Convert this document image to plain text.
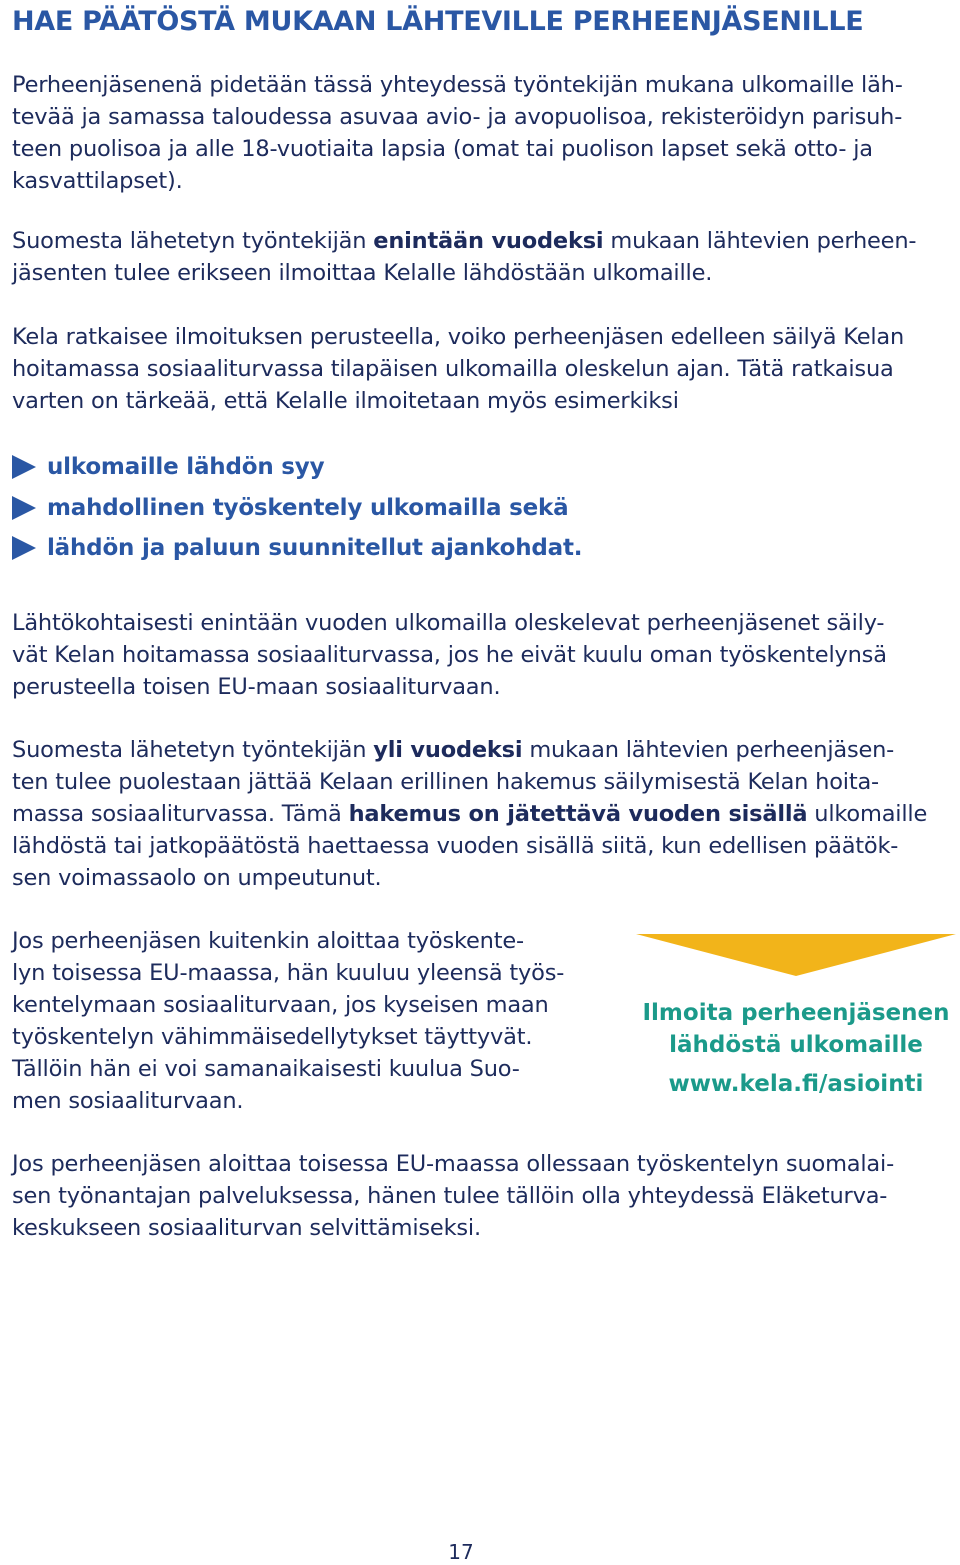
HAE PÄÄTÖSTÄ MUKAAN LÄHTEVILLE PERHEENJÄSENILLE

Perheenjäsenenä pidetään tässä yhteydessä työntekijän mukana ulkomaille läh-
tevää ja samassa taloudessa asuvaa avio- ja avopuolisoa, rekisteröidyn parisuh-
teen puolisoa ja alle 18-vuotiaita lapsia (omat tai puolison lapset sekä otto- ja
kasvattilapset).

Suomesta lähetetyn työntekijän enintään vuodeksi mukaan lähtevien perheen-
jäsenten tulee erikseen ilmoittaa Kelalle lähdöstään ulkomaille.

Kela ratkaisee ilmoituksen perusteella, voiko perheenjäsen edelleen säilyä Kelan
hoitamassa sosiaaliturvassa tilapäisen ulkomailla oleskelun ajan. Tätä ratkaisua
varten on tärkeää, että Kelalle ilmoitetaan myös esimerkiksi

ulkomaille lähdön syy
mahdollinen työskentely ulkomailla sekä
lähdön ja paluun suunnitellut ajankohdat.

Lähtökohtaisesti enintään vuoden ulkomailla oleskelevat perheenjäsenet säily-
vät Kelan hoitamassa sosiaaliturvassa, jos he eivät kuulu oman työskentelynsä
perusteella toisen EU-maan sosiaaliturvaan.

Suomesta lähetetyn työntekijän yli vuodeksi mukaan lähtevien perheenjäsen-
ten tulee puolestaan jättää Kelaan erillinen hakemus säilymisestä Kelan hoita-
massa sosiaaliturvassa. Tämä hakemus on jätettävä vuoden sisällä ulkomaille
lähdöstä tai jatkopäätöstä haettaessa vuoden sisällä siitä, kun edellisen päätök-
sen voimassaolo on umpeutunut.

Jos perheenjäsen kuitenkin aloittaa työskente-
lyn toisessa EU-maassa, hän kuuluu yleensä työs-
kentelymaan sosiaaliturvaan, jos kyseisen maan
työskentelyn vähimmäisedellytykset täyttyvät.
Tällöin hän ei voi samanaikaisesti kuulua Suo-
men sosiaaliturvaan.

Ilmoita perheenjäsenen
lähdöstä ulkomaille
www.kela.fi/asiointi

Jos perheenjäsen aloittaa toisessa EU-maassa ollessaan työskentelyn suomalai-
sen työnantajan palveluksessa, hänen tulee tällöin olla yhteydessä Eläketurva-
keskukseen sosiaaliturvan selvittämiseksi.

17
